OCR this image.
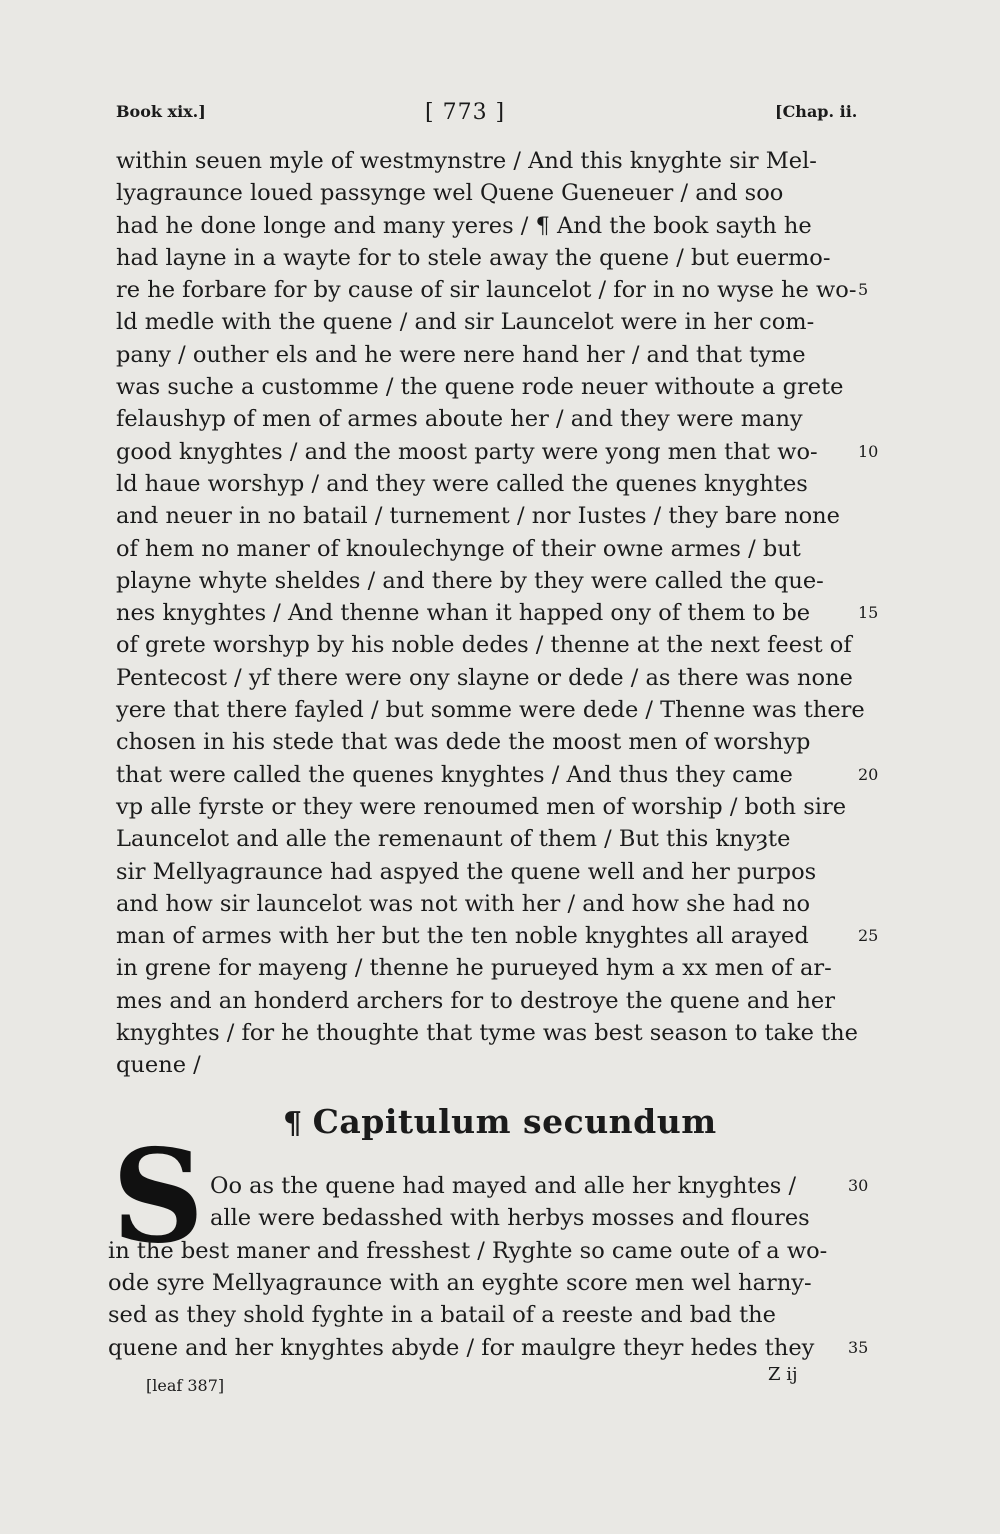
Book xix.]	[ 773 ]	[Chap. ii.
within seuen myle of westmynstre / And this knyghte sir Mel-
lyagraunce loued passynge wel Quene Gueneuer / and soo
had he done longe and many yeres / ¶ And the book sayth he
had layne in a wayte for to stele away the quene / but euermo-
re he forbare for by cause of sir launcelot / for in no wyse he wo-
ld medle with the quene / and sir Launcelot were in her com-
pany / outher els and he were nere hand her / and that tyme
was suche a customme / the quene rode neuer withoute a grete
felaushyp of men of armes aboute her / and they were many
good knyghtes / and the moost party were yong men that wo-
ld haue worshyp / and they were called the quenes knyghtes
and neuer in no batail / turnement / nor Iustes / they bare none
of hem no maner of knoulechynge of their owne armes / but
playne whyte sheldes / and there by they were called the que-
nes knyghtes / And thenne whan it happed ony of them to be
of grete worshyp by his noble dedes / thenne at the next feest of
Pentecost / yf there were ony slayne or dede / as there was none
yere that there fayled / but somme were dede / Thenne was there
chosen in his stede that was dede the moost men of worshyp
that were called the quenes knyghtes / And thus they came
vp alle fyrste or they were renoumed men of worship / both sire
Launcelot and alle the remenaunt of them / But this knyȝte
sir Mellyagraunce had aspyed the quene well and her purpos
and how sir launcelot was not with her / and how she had no
man of armes with her but the ten noble knyghtes all arayed
in grene for mayeng / thenne he purueyed hym a xx men of ar-
mes and an honderd archers for to destroye the quene and her
knyghtes / for he thoughte that tyme was best season to take the
quene /
5
10
15
20
25
¶ Capitulum secundum
S Oo as the quene had mayed and alle her knyghtes /
alle were bedasshed with herbys mosses and floures
in the best maner and fresshest / Ryghte so came oute of a wo-
ode syre Mellyagraunce with an eyghte score men wel harny-
sed as they shold fyghte in a batail of a reeste and bad the
quene and her knyghtes abyde / for maulgre theyr hedes they
30
35
[leaf 387]
Z ij
